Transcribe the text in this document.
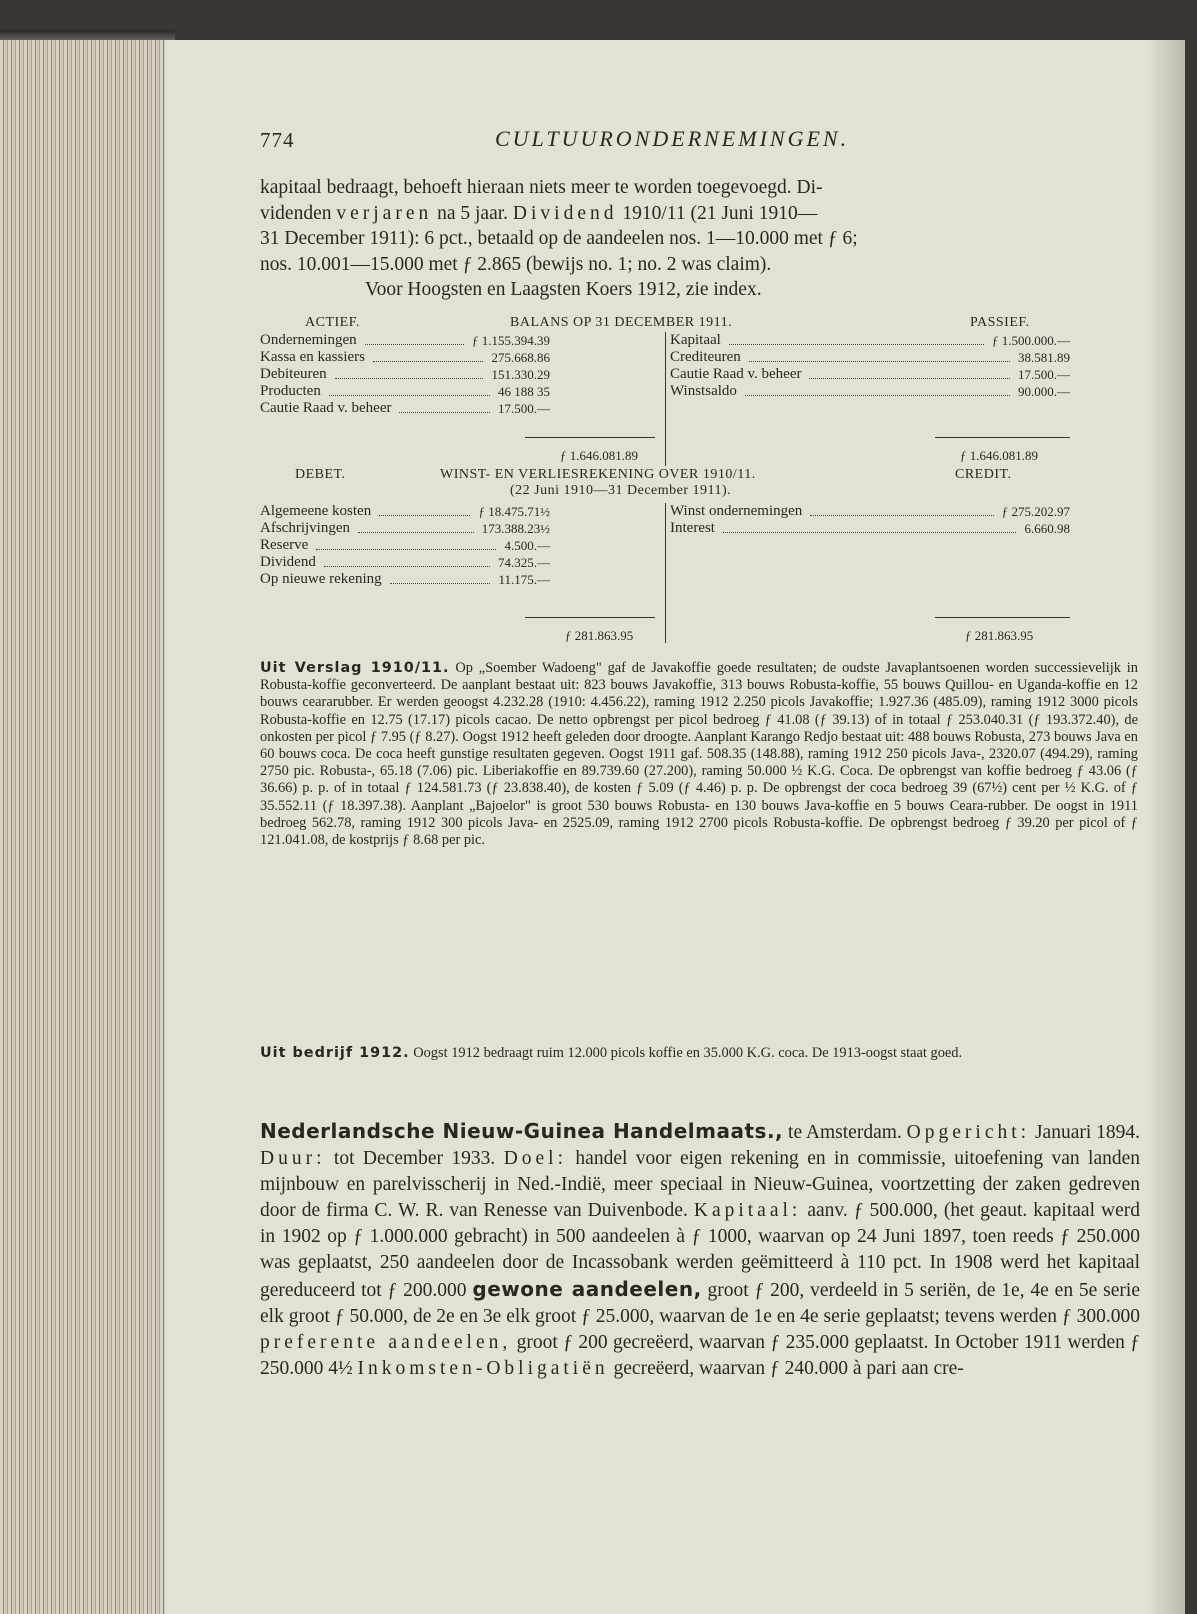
774	CULTUURONDERNEMINGEN.

kapitaal bedraagt, behoeft hieraan niets meer te worden toegevoegd. Di-

videnden verjaren na 5 jaar. Dividend 1910/11 (21 Juni 1910—

31 December 1911): 6 pct., betaald op de aandeelen nos. 1—10.000 met ƒ 6;

nos. 10.001—15.000 met ƒ 2.865 (bewijs no. 1; no. 2 was claim).

Voor Hoogsten en Laagsten Koers 1912, zie index.

ACTIEF.	BALANS OP 31 DECEMBER 1911.	PASSIEF.
Ondernemingen	ƒ 1.155.394.39
Kassa en kassiers	275.668.86
Debiteuren	151.330.29
Producten	46 188 35
Cautie Raad v. beheer	17.500.—
Kapitaal	ƒ 1.500.000.—
Crediteuren	38.581.89
Cautie Raad v. beheer	17.500.—
Winstsaldo	90.000.—
ƒ 1.646.081.89	ƒ 1.646.081.89
DEBET.	WINST- EN VERLIESREKENING OVER 1910/11.	CREDIT.
(22 Juni 1910—31 December 1911).
Algemeene kosten	ƒ 18.475.71½
Afschrijvingen	173.388.23½
Reserve	4.500.—
Dividend	74.325.—
Op nieuwe rekening	11.175.—
Winst ondernemingen	ƒ 275.202.97
Interest	6.660.98
ƒ 281.863.95	ƒ 281.863.95

Uit Verslag 1910/11. Op „Soember Wadoeng" gaf de Javakoffie goede resultaten; de oudste Javaplantsoenen worden successievelijk in Robusta-koffie geconverteerd. De aanplant bestaat uit: 823 bouws Javakoffie, 313 bouws Robusta-koffie, 55 bouws Quillou- en Uganda-koffie en 12 bouws ceararubber. Er werden geoogst 4.232.28 (1910: 4.456.22), raming 1912 2.250 picols Javakoffie; 1.927.36 (485.09), raming 1912 3000 picols Robusta-koffie en 12.75 (17.17) picols cacao. De netto opbrengst per picol bedroeg ƒ 41.08 (ƒ 39.13) of in totaal ƒ 253.040.31 (ƒ 193.372.40), de onkosten per picol ƒ 7.95 (ƒ 8.27). Oogst 1912 heeft geleden door droogte. Aanplant Karango Redjo bestaat uit: 488 bouws Robusta, 273 bouws Java en 60 bouws coca. De coca heeft gunstige resultaten gegeven. Oogst 1911 gaf. 508.35 (148.88), raming 1912 250 picols Java-, 2320.07 (494.29), raming 2750 pic. Robusta-, 65.18 (7.06) pic. Liberiakoffie en 89.739.60 (27.200), raming 50.000 ½ K.G. Coca. De opbrengst van koffie bedroeg ƒ 43.06 (ƒ 36.66) p. p. of in totaal ƒ 124.581.73 (ƒ 23.838.40), de kosten ƒ 5.09 (ƒ 4.46) p. p. De opbrengst der coca bedroeg 39 (67½) cent per ½ K.G. of ƒ 35.552.11 (ƒ 18.397.38). Aanplant „Bajoelor" is groot 530 bouws Robusta- en 130 bouws Java-koffie en 5 bouws Ceara-rubber. De oogst in 1911 bedroeg 562.78, raming 1912 300 picols Java- en 2525.09, raming 1912 2700 picols Robusta-koffie. De opbrengst bedroeg ƒ 39.20 per picol of ƒ 121.041.08, de kostprijs ƒ 8.68 per pic.

Uit bedrijf 1912. Oogst 1912 bedraagt ruim 12.000 picols koffie en 35.000 K.G. coca. De 1913-oogst staat goed.

Nederlandsche Nieuw-Guinea Handelmaats., te Amsterdam. Opgericht: Januari 1894. Duur: tot December 1933. Doel: handel voor eigen rekening en in commissie, uitoefening van landen mijnbouw en parelvisscherij in Ned.-Indië, meer speciaal in Nieuw-Guinea, voortzetting der zaken gedreven door de firma C. W. R. van Renesse van Duivenbode. Kapitaal: aanv. ƒ 500.000, (het geaut. kapitaal werd in 1902 op ƒ 1.000.000 gebracht) in 500 aandeelen à ƒ 1000, waarvan op 24 Juni 1897, toen reeds ƒ 250.000 was geplaatst, 250 aandeelen door de Incassobank werden geëmitteerd à 110 pct. In 1908 werd het kapitaal gereduceerd tot ƒ 200.000 gewone aandeelen, groot ƒ 200, verdeeld in 5 seriën, de 1e, 4e en 5e serie elk groot ƒ 50.000, de 2e en 3e elk groot ƒ 25.000, waarvan de 1e en 4e serie geplaatst; tevens werden ƒ 300.000 preferente aandeelen, groot ƒ 200 gecreëerd, waarvan ƒ 235.000 geplaatst. In October 1911 werden ƒ 250.000 4½ Inkomsten-Obligatiën gecreëerd, waarvan ƒ 240.000 à pari aan cre-
